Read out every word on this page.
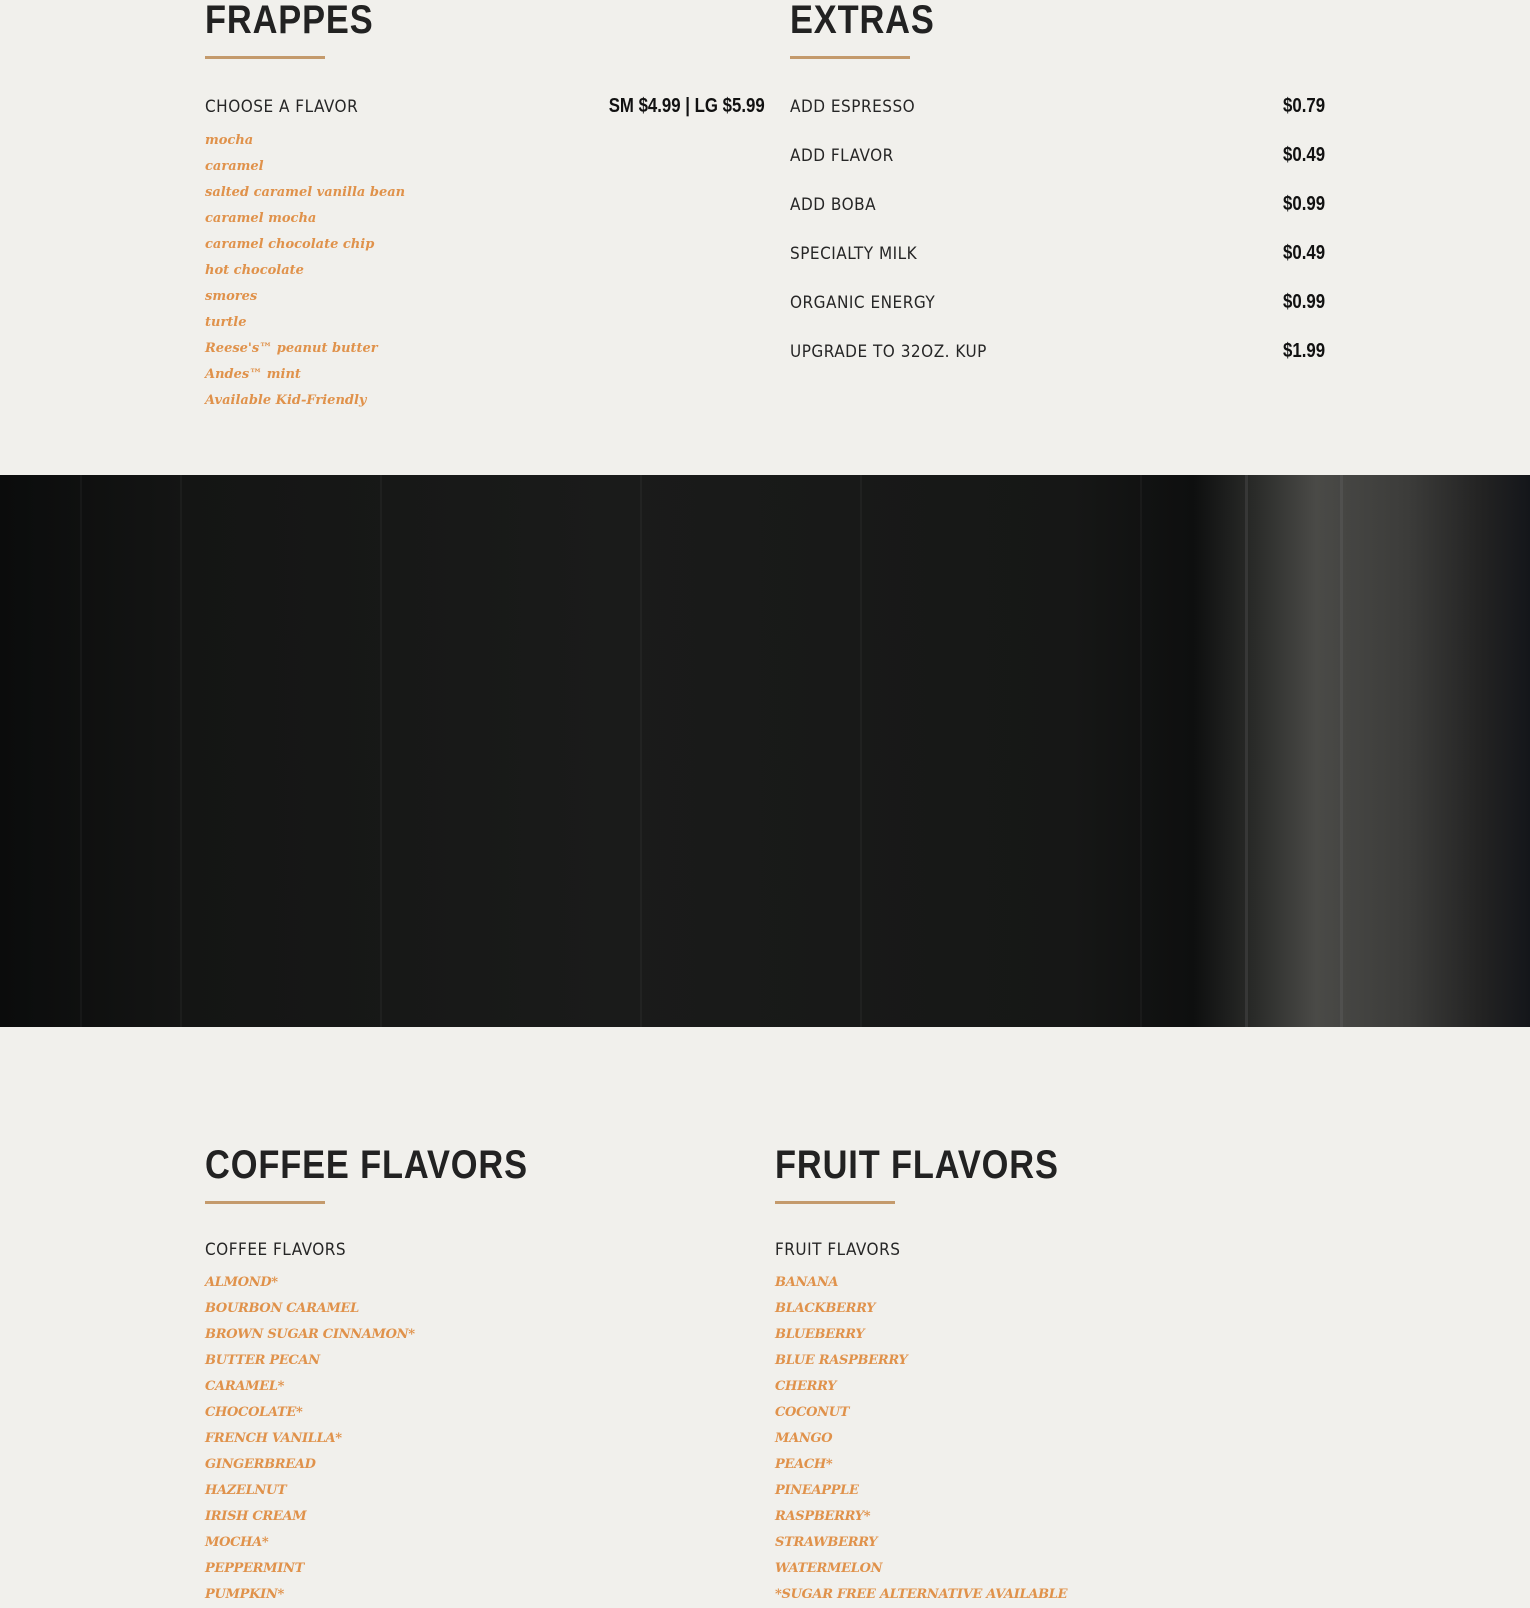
FRAPPES
CHOOSE A FLAVOR	SM $4.99 | LG $5.99
mocha
caramel
salted caramel vanilla bean
caramel mocha
caramel chocolate chip
hot chocolate
smores
turtle
Reese's™ peanut butter
Andes™ mint
Available Kid-Friendly
EXTRAS
ADD ESPRESSO	$0.79
ADD FLAVOR	$0.49
ADD BOBA	$0.99
SPECIALTY MILK	$0.49
ORGANIC ENERGY	$0.99
UPGRADE TO 32OZ. KUP	$1.99
COFFEE FLAVORS
COFFEE FLAVORS
ALMOND*
BOURBON CARAMEL
BROWN SUGAR CINNAMON*
BUTTER PECAN
CARAMEL*
CHOCOLATE*
FRENCH VANILLA*
GINGERBREAD
HAZELNUT
IRISH CREAM
MOCHA*
PEPPERMINT
PUMPKIN*
FRUIT FLAVORS
FRUIT FLAVORS
BANANA
BLACKBERRY
BLUEBERRY
BLUE RASPBERRY
CHERRY
COCONUT
MANGO
PEACH*
PINEAPPLE
RASPBERRY*
STRAWBERRY
WATERMELON
*SUGAR FREE ALTERNATIVE AVAILABLE
